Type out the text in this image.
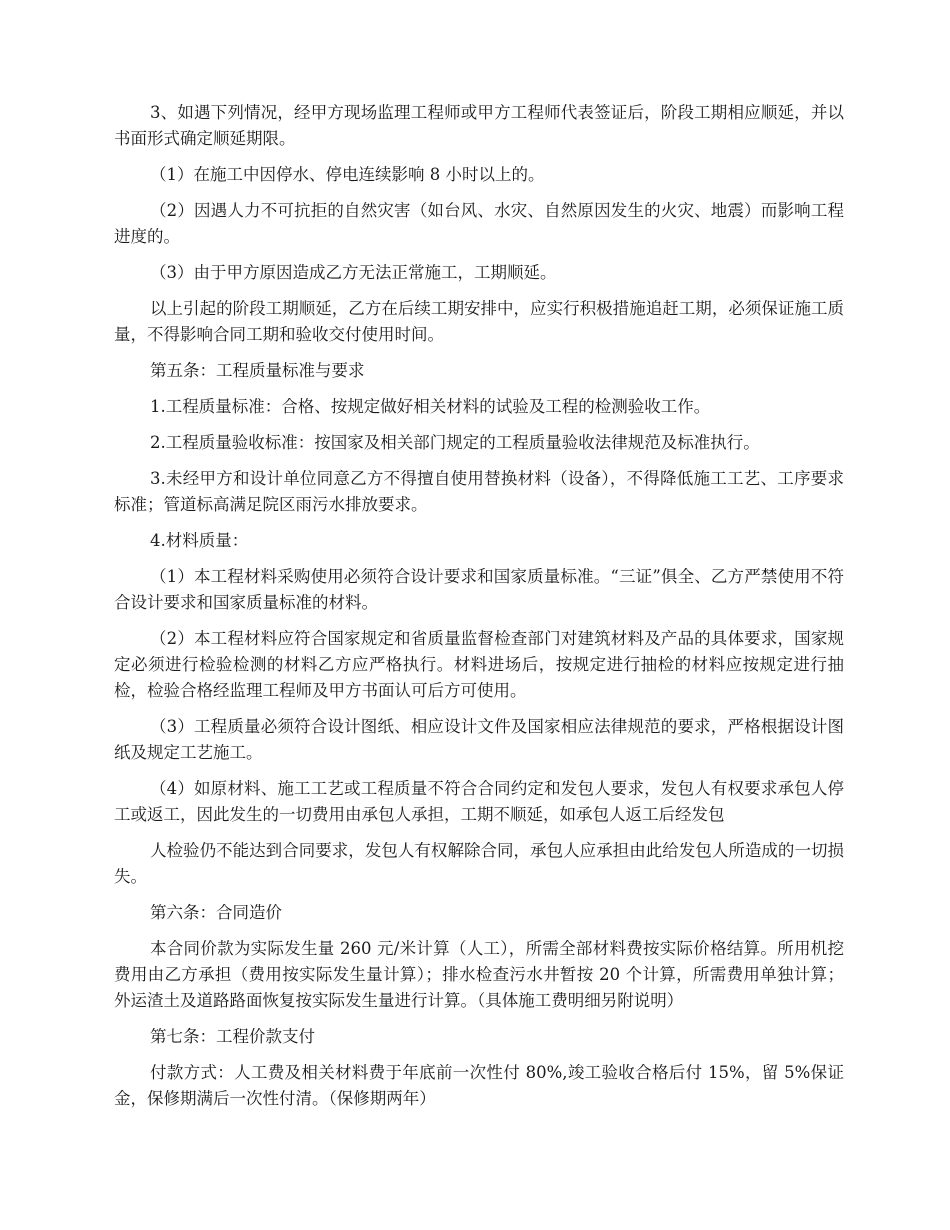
3、如遇下列情况，经甲方现场监理工程师或甲方工程师代表签证后，阶段工期相应顺延，并以书面形式确定顺延期限。

（1）在施工中因停水、停电连续影响 8 小时以上的。

（2）因遇人力不可抗拒的自然灾害（如台风、水灾、自然原因发生的火灾、地震）而影响工程进度的。

（3）由于甲方原因造成乙方无法正常施工，工期顺延。

以上引起的阶段工期顺延，乙方在后续工期安排中，应实行积极措施追赶工期，必须保证施工质量，不得影响合同工期和验收交付使用时间。

第五条：工程质量标准与要求

1.工程质量标准：合格、按规定做好相关材料的试验及工程的检测验收工作。

2.工程质量验收标准：按国家及相关部门规定的工程质量验收法律规范及标准执行。

3.未经甲方和设计单位同意乙方不得擅自使用替换材料（设备），不得降低施工工艺、工序要求标准；管道标高满足院区雨污水排放要求。

4.材料质量：

（1）本工程材料采购使用必须符合设计要求和国家质量标准。“三证”俱全、乙方严禁使用不符合设计要求和国家质量标准的材料。

（2）本工程材料应符合国家规定和省质量监督检查部门对建筑材料及产品的具体要求，国家规定必须进行检验检测的材料乙方应严格执行。材料进场后，按规定进行抽检的材料应按规定进行抽检，检验合格经监理工程师及甲方书面认可后方可使用。

（3）工程质量必须符合设计图纸、相应设计文件及国家相应法律规范的要求，严格根据设计图纸及规定工艺施工。

（4）如原材料、施工工艺或工程质量不符合合同约定和发包人要求，发包人有权要求承包人停工或返工，因此发生的一切费用由承包人承担，工期不顺延，如承包人返工后经发包

人检验仍不能达到合同要求，发包人有权解除合同，承包人应承担由此给发包人所造成的一切损失。

第六条：合同造价

本合同价款为实际发生量 260 元/米计算（人工），所需全部材料费按实际价格结算。所用机挖费用由乙方承担（费用按实际发生量计算）；排水检查污水井暂按 20 个计算，所需费用单独计算；外运渣土及道路路面恢复按实际发生量进行计算。（具体施工费明细另附说明）

第七条：工程价款支付

付款方式：人工费及相关材料费于年底前一次性付 80%,竣工验收合格后付 15%，留 5%保证金，保修期满后一次性付清。（保修期两年）
